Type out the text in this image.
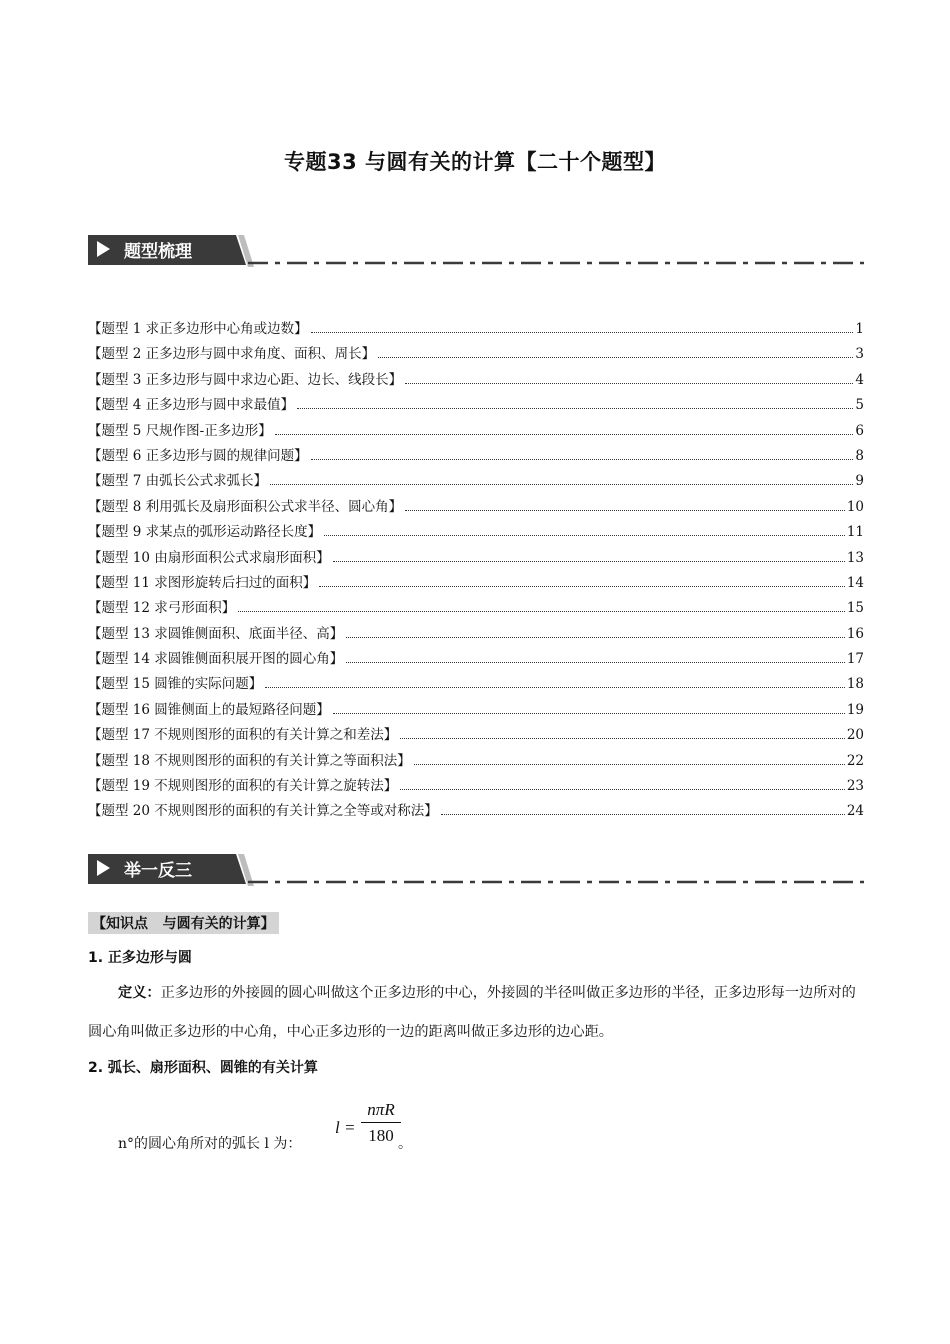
专题33 与圆有关的计算【二十个题型】
题型梳理
【题型 1 求正多边形中心角或边数】	1
【题型 2 正多边形与圆中求角度、面积、周长】	3
【题型 3 正多边形与圆中求边心距、边长、线段长】	4
【题型 4 正多边形与圆中求最值】	5
【题型 5 尺规作图-正多边形】	6
【题型 6 正多边形与圆的规律问题】	8
【题型 7 由弧长公式求弧长】	9
【题型 8 利用弧长及扇形面积公式求半径、圆心角】	10
【题型 9 求某点的弧形运动路径长度】	11
【题型 10 由扇形面积公式求扇形面积】	13
【题型 11 求图形旋转后扫过的面积】	14
【题型 12 求弓形面积】	15
【题型 13 求圆锥侧面积、底面半径、高】	16
【题型 14 求圆锥侧面积展开图的圆心角】	17
【题型 15 圆锥的实际问题】	18
【题型 16 圆锥侧面上的最短路径问题】	19
【题型 17 不规则图形的面积的有关计算之和差法】	20
【题型 18 不规则图形的面积的有关计算之等面积法】	22
【题型 19 不规则图形的面积的有关计算之旋转法】	23
【题型 20 不规则图形的面积的有关计算之全等或对称法】	24
举一反三
【知识点   与圆有关的计算】
1. 正多边形与圆
定义：正多边形的外接圆的圆心叫做这个正多边形的中心，外接圆的半径叫做正多边形的半径，正多边形每一边所对的圆心角叫做正多边形的中心角，中心正多边形的一边的距离叫做正多边形的边心距。
2. 弧长、扇形面积、圆锥的有关计算
n°的圆心角所对的弧长 l 为：
l =
nπR
180 。
